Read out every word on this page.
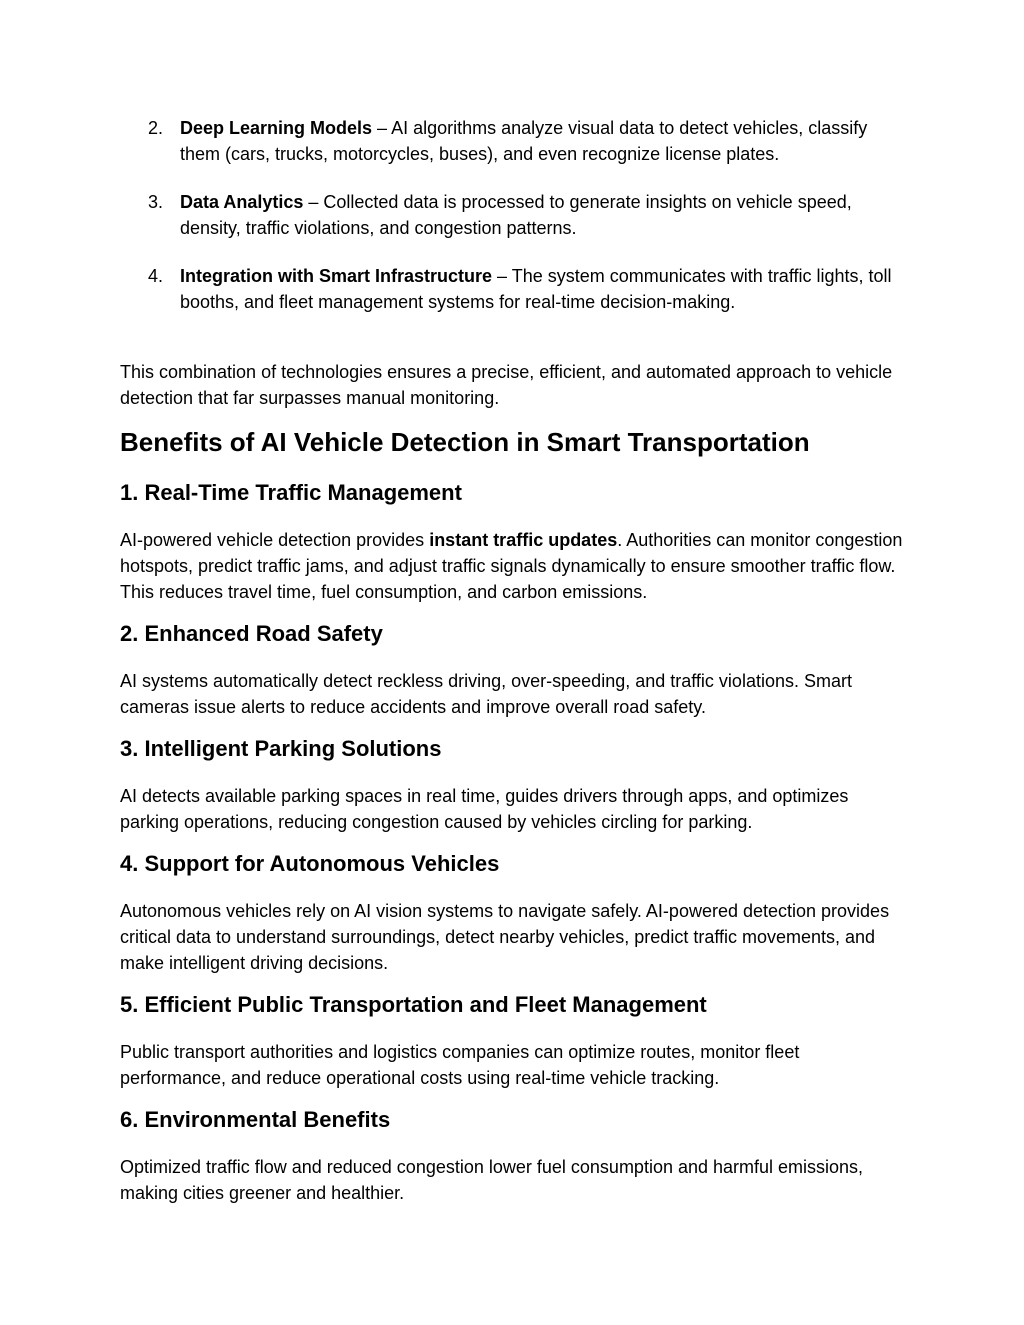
2. Deep Learning Models – AI algorithms analyze visual data to detect vehicles, classify them (cars, trucks, motorcycles, buses), and even recognize license plates.

3. Data Analytics – Collected data is processed to generate insights on vehicle speed, density, traffic violations, and congestion patterns.

4. Integration with Smart Infrastructure – The system communicates with traffic lights, toll booths, and fleet management systems for real-time decision-making.

This combination of technologies ensures a precise, efficient, and automated approach to vehicle detection that far surpasses manual monitoring.

Benefits of AI Vehicle Detection in Smart Transportation
1. Real-Time Traffic Management

AI-powered vehicle detection provides instant traffic updates. Authorities can monitor congestion hotspots, predict traffic jams, and adjust traffic signals dynamically to ensure smoother traffic flow. This reduces travel time, fuel consumption, and carbon emissions.

2. Enhanced Road Safety

AI systems automatically detect reckless driving, over-speeding, and traffic violations. Smart cameras issue alerts to reduce accidents and improve overall road safety.

3. Intelligent Parking Solutions

AI detects available parking spaces in real time, guides drivers through apps, and optimizes parking operations, reducing congestion caused by vehicles circling for parking.

4. Support for Autonomous Vehicles

Autonomous vehicles rely on AI vision systems to navigate safely. AI-powered detection provides critical data to understand surroundings, detect nearby vehicles, predict traffic movements, and make intelligent driving decisions.

5. Efficient Public Transportation and Fleet Management

Public transport authorities and logistics companies can optimize routes, monitor fleet performance, and reduce operational costs using real-time vehicle tracking.

6. Environmental Benefits

Optimized traffic flow and reduced congestion lower fuel consumption and harmful emissions, making cities greener and healthier.
